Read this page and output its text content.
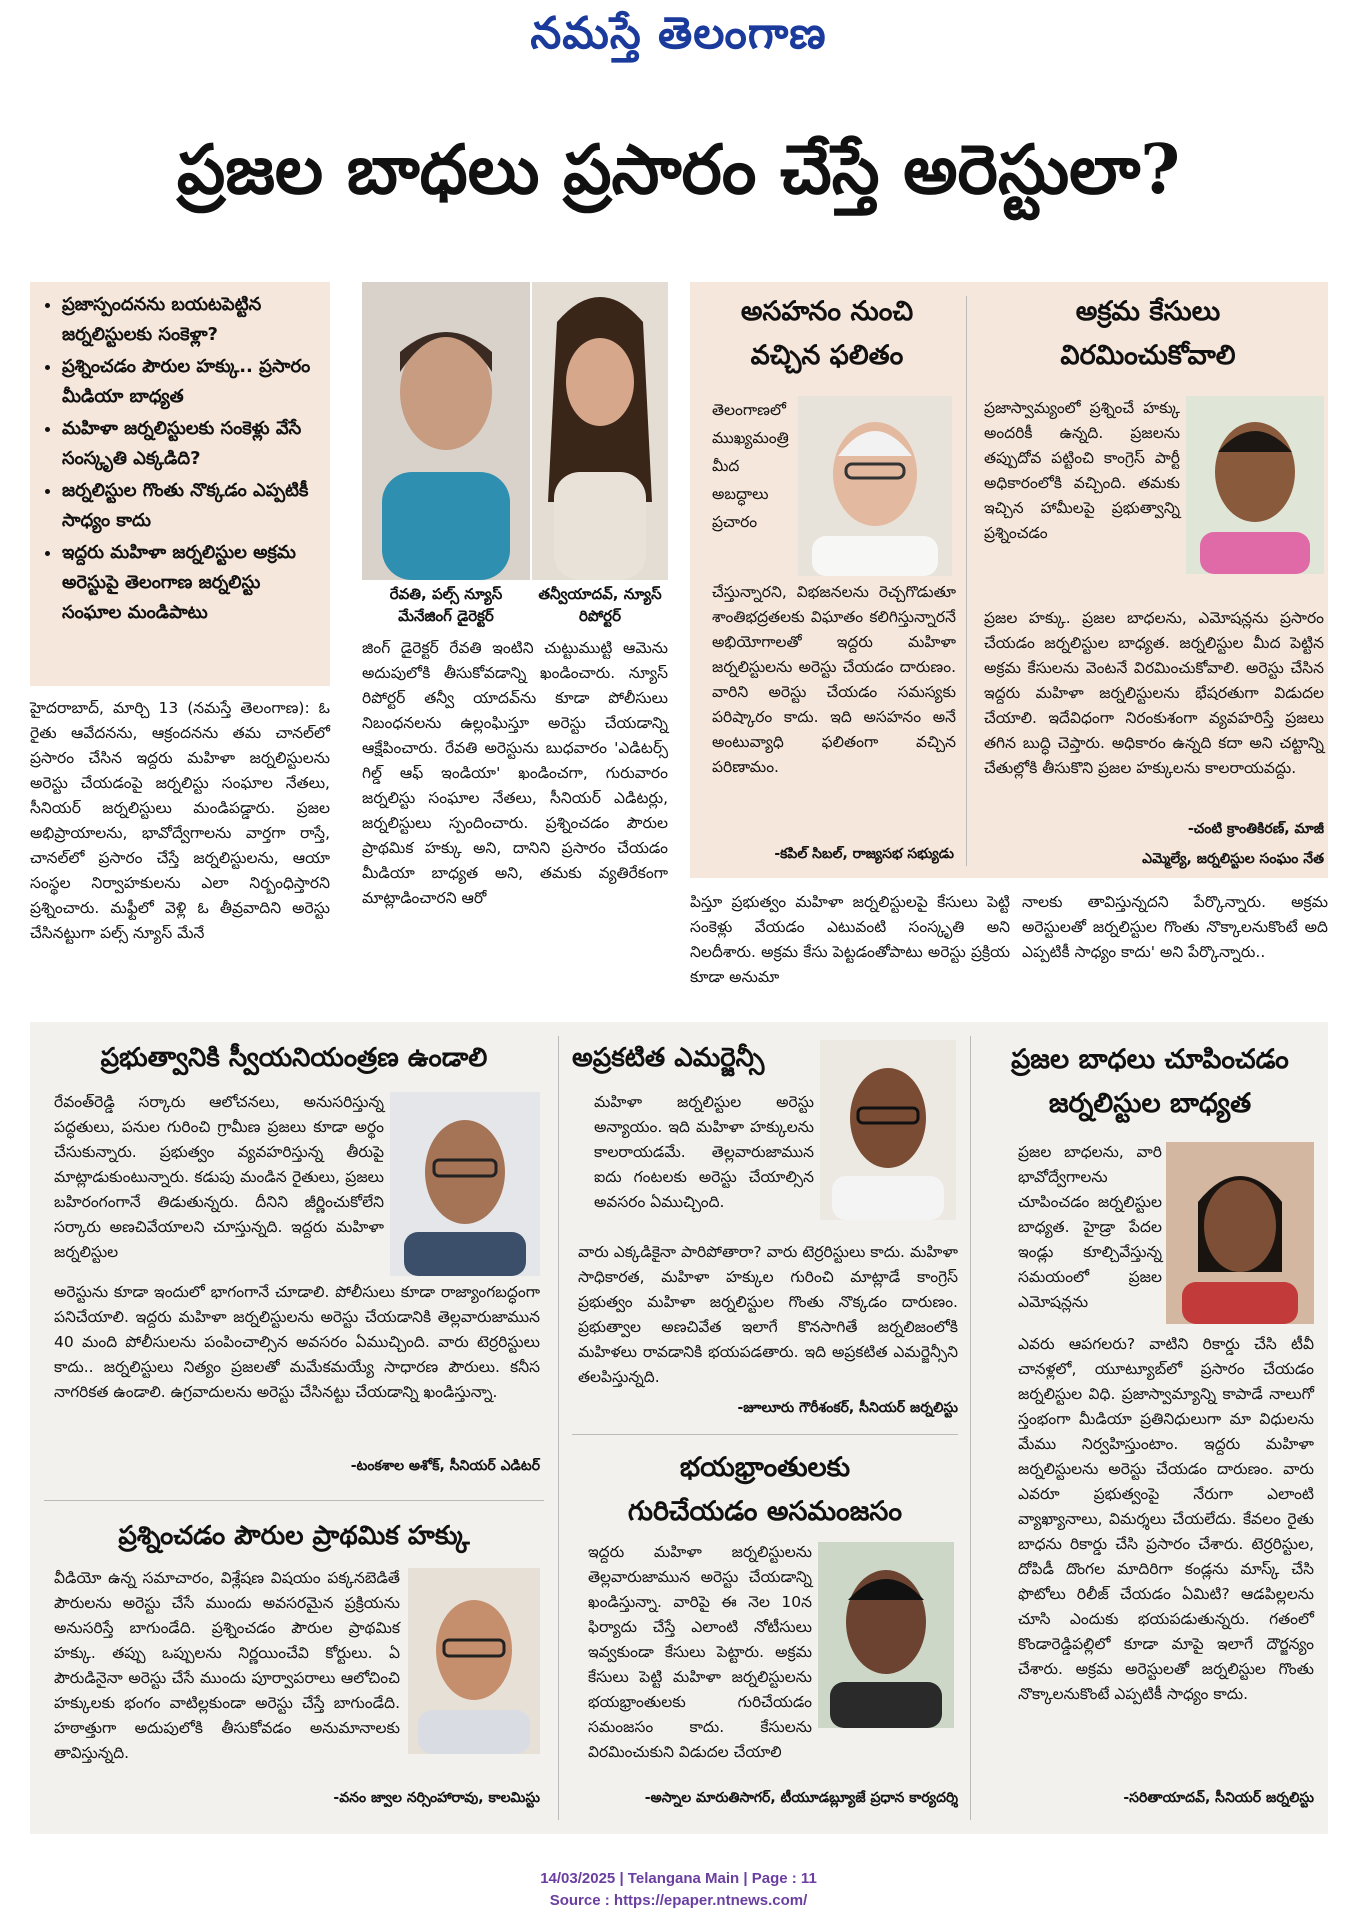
నమస్తే తెలంగాణ
ప్రజల బాధలు ప్రసారం చేస్తే అరెస్టులా?
• ప్రజాస్పందనను బయటపెట్టిన జర్నలిస్టులకు సంకెళ్లా?
• ప్రశ్నించడం పౌరుల హక్కు.. ప్రసారం మీడియా బాధ్యత
• మహిళా జర్నలిస్టులకు సంకెళ్లు వేసే సంస్కృతి ఎక్కడిది?
• జర్నలిస్టుల గొంతు నొక్కడం ఎప్పటికీ సాధ్యం కాదు
• ఇద్దరు మహిళా జర్నలిస్టుల అక్రమ అరెస్టుపై తెలంగాణ జర్నలిస్టు సంఘాల మండిపాటు
రేవతి, పల్స్ న్యూస్ మేనేజింగ్ డైరెక్టర్
తన్వీయాదవ్, న్యూస్ రిపోర్టర్
హైదరాబాద్, మార్చి 13 (నమస్తే తెలంగాణ): ఓ రైతు ఆవేదనను, ఆక్రందనను తమ చానల్‌లో ప్రసారం చేసిన ఇద్దరు మహిళా జర్నలిస్టులను అరెస్టు చేయడంపై జర్నలిస్టు సంఘాల నేతలు, సీనియర్ జర్నలిస్టులు మండిపడ్డారు. ప్రజల అభిప్రాయాలను, భావోద్వేగాలను వార్తగా రాస్తే, చానల్‌లో ప్రసారం చేస్తే జర్నలిస్టులను, ఆయా సంస్థల నిర్వాహకులను ఎలా నిర్బంధిస్తారని ప్రశ్నించారు. మఫ్టీలో వెళ్లి ఓ తీవ్రవాదిని అరెస్టు చేసినట్టుగా పల్స్ న్యూస్ మేనే
జింగ్ డైరెక్టర్ రేవతి ఇంటిని చుట్టుముట్టి ఆమెను అదుపులోకి తీసుకోవడాన్ని ఖండించారు. న్యూస్ రిపోర్టర్ తన్వీ యాదవ్‌ను కూడా పోలీసులు నిబంధనలను ఉల్లంఘిస్తూ అరెస్టు చేయడాన్ని ఆక్షేపించారు. రేవతి అరెస్టును బుధవారం 'ఎడిటర్స్ గిల్డ్ ఆఫ్ ఇండియా' ఖండించగా, గురువారం జర్నలిస్టు సంఘాల నేతలు, సీనియర్ ఎడిటర్లు, జర్నలిస్టులు స్పందించారు. ప్రశ్నించడం పౌరుల ప్రాథమిక హక్కు అని, దానిని ప్రసారం చేయడం మీడియా బాధ్యత అని, తమకు వ్యతిరేకంగా మాట్లాడించారని ఆరో	పిస్తూ ప్రభుత్వం మహిళా జర్నలిస్టులపై కేసులు పెట్టి సంకెళ్లు వేయడం ఎటువంటి సంస్కృతి అని నిలదీశారు. అక్రమ కేసు పెట్టడంతోపాటు అరెస్టు ప్రక్రియ కూడా అనుమా
నాలకు తావిస్తున్నదని పేర్కొన్నారు. అక్రమ అరెస్టులతో జర్నలిస్టుల గొంతు నొక్కాలనుకొంటే అది ఎప్పటికీ సాధ్యం కాదు' అని పేర్కొన్నారు..
అసహనం నుంచి
వచ్చిన ఫలితం
తెలంగాణలో ముఖ్యమంత్రి మీద అబద్ధాలు ప్రచారం
చేస్తున్నారని, విభజనలను రెచ్చగొడుతూ శాంతిభద్రతలకు విఘాతం కలిగిస్తున్నారనే అభియోగాలతో ఇద్దరు మహిళా జర్నలిస్టులను అరెస్టు చేయడం దారుణం. వారిని అరెస్టు చేయడం సమస్యకు పరిష్కారం కాదు. ఇది అసహనం అనే అంటువ్యాధి ఫలితంగా వచ్చిన పరిణామం.
-కపిల్ సిబల్, రాజ్యసభ సభ్యుడు
అక్రమ కేసులు
విరమించుకోవాలి
ప్రజాస్వామ్యంలో ప్రశ్నించే హక్కు అందరికీ ఉన్నది. ప్రజలను తప్పుదోవ పట్టించి కాంగ్రెస్ పార్టీ అధికారంలోకి వచ్చింది. తమకు ఇచ్చిన హామీలపై ప్రభుత్వాన్ని ప్రశ్నించడం
ప్రజల హక్కు. ప్రజల బాధలను, ఎమోషన్లను ప్రసారం చేయడం జర్నలిస్టుల బాధ్యత. జర్నలిస్టుల మీద పెట్టిన అక్రమ కేసులను వెంటనే విరమించుకోవాలి. అరెస్టు చేసిన ఇద్దరు మహిళా జర్నలిస్టులను భేషరతుగా విడుదల చేయాలి. ఇదేవిధంగా నిరంకుశంగా వ్యవహరిస్తే ప్రజలు తగిన బుద్ధి చెప్తారు. అధికారం ఉన్నది కదా అని చట్టాన్ని చేతుల్లోకి తీసుకొని ప్రజల హక్కులను కాలరాయవద్దు.
-చంటి క్రాంతికిరణ్, మాజీ
ఎమ్మెల్యే, జర్నలిస్టుల సంఘం నేత
ప్రభుత్వానికి స్వీయనియంత్రణ ఉండాలి
రేవంత్‌రెడ్డి సర్కారు ఆలోచనలు, అనుసరిస్తున్న పద్ధతులు, పనుల గురించి గ్రామీణ ప్రజలు కూడా అర్థం చేసుకున్నారు. ప్రభుత్వం వ్యవహరిస్తున్న తీరుపై మాట్లాడుకుంటున్నారు. కడుపు మండిన రైతులు, ప్రజలు బహిరంగంగానే తిడుతున్నరు. దీనిని జీర్ణించుకోలేని సర్కారు అణచివేయాలని చూస్తున్నది. ఇద్దరు మహిళా జర్నలిస్టుల
అరెస్టును కూడా ఇందులో భాగంగానే చూడాలి. పోలీసులు కూడా రాజ్యాంగబద్ధంగా పనిచేయాలి. ఇద్దరు మహిళా జర్నలిస్టులను అరెస్టు చేయడానికి తెల్లవారుజామున 40 మంది పోలీసులను పంపించాల్సిన అవసరం ఏముచ్చింది. వారు టెర్రరిస్టులు కాదు.. జర్నలిస్టులు నిత్యం ప్రజలతో మమేకమయ్యే సాధారణ పౌరులు. కనీస నాగరికత ఉండాలి. ఉగ్రవాదులను అరెస్టు చేసినట్టు చేయడాన్ని ఖండిస్తున్నా.
-టంకశాల అశోక్, సీనియర్ ఎడిటర్
ప్రశ్నించడం పౌరుల ప్రాథమిక హక్కు
వీడియో ఉన్న సమాచారం, విశ్లేషణ విషయం పక్కనబెడితే పౌరులను అరెస్టు చేసే ముందు అవసరమైన ప్రక్రియను అనుసరిస్తే బాగుండేది. ప్రశ్నించడం పౌరుల ప్రాథమిక హక్కు. తప్పు ఒప్పులను నిర్ణయించేవి కోర్టులు. ఏ పౌరుడినైనా అరెస్టు చేసే ముందు పూర్వాపరాలు ఆలోచించి హక్కులకు భంగం వాటిల్లకుండా అరెస్టు చేస్తే బాగుండేది. హఠాత్తుగా అదుపులోకి తీసుకోవడం అనుమానాలకు తావిస్తున్నది.
-వనం జ్వాల నర్సింహారావు, కాలమిస్టు
అప్రకటిత ఎమర్జెన్సీ
మహిళా జర్నలిస్టుల అరెస్టు అన్యాయం. ఇది మహిళా హక్కులను కాలరాయడమే. తెల్లవారుజామున ఐదు గంటలకు అరెస్టు చేయాల్సిన అవసరం ఏముచ్చింది.
వారు ఎక్కడికైనా పారిపోతారా? వారు టెర్రరిస్టులు కాదు. మహిళా సాధికారత, మహిళా హక్కుల గురించి మాట్లాడే కాంగ్రెస్ ప్రభుత్వం మహిళా జర్నలిస్టుల గొంతు నొక్కడం దారుణం. ప్రభుత్వాల అణచివేత ఇలాగే కొనసాగితే జర్నలిజంలోకి మహిళలు రావడానికి భయపడతారు. ఇది అప్రకటిత ఎమర్జెన్సీని తలపిస్తున్నది.
-జూలూరు గౌరీశంకర్, సీనియర్ జర్నలిస్టు
భయభ్రాంతులకు
గురిచేయడం అసమంజసం
ఇద్దరు మహిళా జర్నలిస్టులను తెల్లవారుజామున అరెస్టు చేయడాన్ని ఖండిస్తున్నా. వారిపై ఈ నెల 10న ఫిర్యాదు చేస్తే ఎలాంటి నోటీసులు ఇవ్వకుండా కేసులు పెట్టారు. అక్రమ కేసులు పెట్టి మహిళా జర్నలిస్టులను భయభ్రాంతులకు గురిచేయడం సమంజసం కాదు. కేసులను విరమించుకుని విడుదల చేయాలి
-అస్నాల మారుతిసాగర్, టీయూడబ్ల్యూజే ప్రధాన కార్యదర్శి
ప్రజల బాధలు చూపించడం
జర్నలిస్టుల బాధ్యత
ప్రజల బాధలను, వారి భావోద్వేగాలను చూపించడం జర్నలిస్టుల బాధ్యత. హైడ్రా పేదల ఇండ్లు కూల్చివేస్తున్న సమయంలో ప్రజల ఎమోషన్లను
ఎవరు ఆపగలరు? వాటిని రికార్డు చేసి టీవీ చానళ్లలో, యూట్యూబ్‌లో ప్రసారం చేయడం జర్నలిస్టుల విధి. ప్రజాస్వామ్యాన్ని కాపాడే నాలుగో స్తంభంగా మీడియా ప్రతినిధులుగా మా విధులను మేము నిర్వహిస్తుంటాం. ఇద్దరు మహిళా జర్నలిస్టులను అరెస్టు చేయడం దారుణం. వారు ఎవరూ ప్రభుత్వంపై నేరుగా ఎలాంటి వ్యాఖ్యానాలు, విమర్శలు చేయలేదు. కేవలం రైతు బాధను రికార్డు చేసి ప్రసారం చేశారు. టెర్రరిస్టుల, దోపిడీ దొంగల మాదిరిగా కండ్లను మాస్క్ చేసి ఫొటోలు రిలీజ్ చేయడం ఏమిటి? ఆడపిల్లలను చూసి ఎందుకు భయపడుతున్నరు. గతంలో కొండారెడ్డిపల్లిలో కూడా మాపై ఇలాగే దౌర్జన్యం చేశారు. అక్రమ అరెస్టులతో జర్నలిస్టుల గొంతు నొక్కాలనుకొంటే ఎప్పటికీ సాధ్యం కాదు.
-సరితాయాదవ్, సీనియర్ జర్నలిస్టు
14/03/2025 | Telangana Main | Page : 11
Source : https://epaper.ntnews.com/
